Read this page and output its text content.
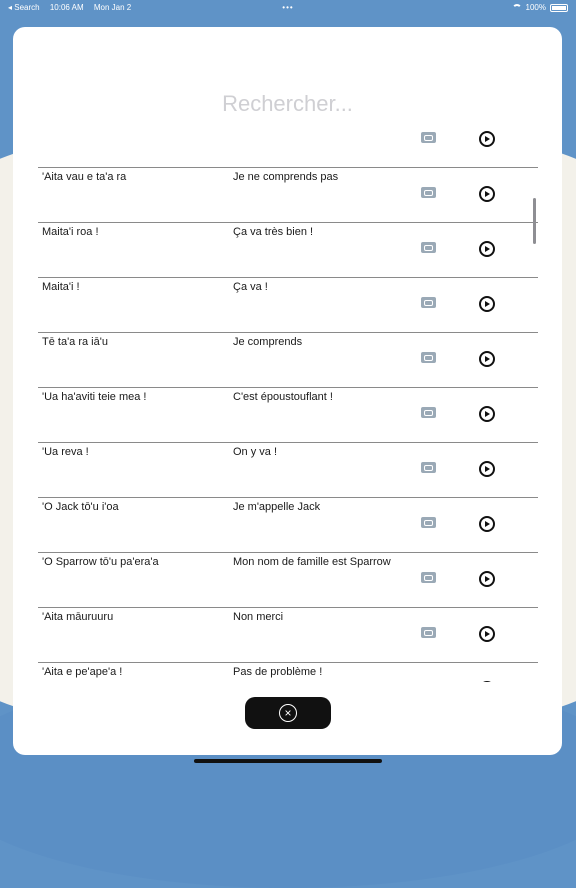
◂ Search 10:06 AM Mon Jan 2	•••	100%
Rechercher...
'Aita vau e ta'a ra	Je ne comprends pas
Maita'i roa !	Ça va très bien !
Maita'i !	Ça va !
Tē ta'a ra iā'u	Je comprends
'Ua ha'aviti teie mea !	C'est époustouflant !
'Ua reva !	On y va !
'O Jack tō'u i'oa	Je m'appelle Jack
'O Sparrow tō'u pa'era'a	Mon nom de famille est Sparrow
'Aita māuruuru	Non merci
'Aita e pe'ape'a !	Pas de problème !
×
